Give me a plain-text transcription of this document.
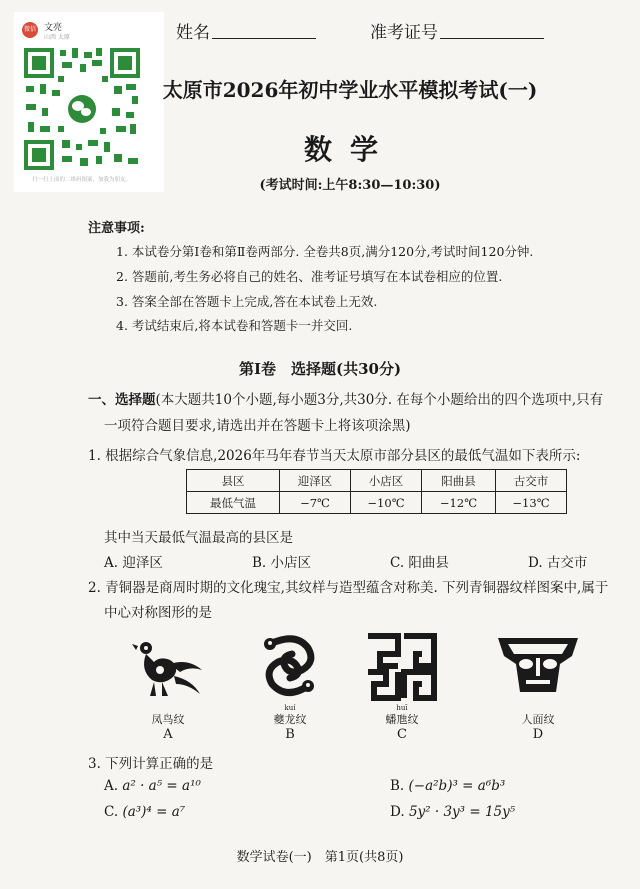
微信 文亮
山西 太原
扫一扫上面的二维码图案，加我为朋友。
姓名	准考证号
太原市2026年初中学业水平模拟考试(一)
数学
(考试时间:上午8:30—10:30)
注意事项:
1. 本试卷分第Ⅰ卷和第Ⅱ卷两部分. 全卷共8页,满分120分,考试时间120分钟.
2. 答题前,考生务必将自己的姓名、准考证号填写在本试卷相应的位置.
3. 答案全部在答题卡上完成,答在本试卷上无效.
4. 考试结束后,将本试卷和答题卡一并交回.
第Ⅰ卷　选择题(共30分)
一、选择题(本大题共10个小题,每小题3分,共30分. 在每个小题给出的四个选项中,只有
一项符合题目要求,请选出并在答题卡上将该项涂黑)
1. 根据综合气象信息,2026年马年春节当天太原市部分县区的最低气温如下表所示:
县区	迎泽区	小店区	阳曲县	古交市
最低气温	−7℃	−10℃	−12℃	−13℃
其中当天最低气温最高的县区是
A. 迎泽区	B. 小店区	C. 阳曲县	D. 古交市
2. 青铜器是商周时期的文化瑰宝,其纹样与造型蕴含对称美. 下列青铜器纹样图案中,属于
中心对称图形的是
凤鸟纹
A
kuí
夔龙纹
B
huī
蟠虺纹
C
人面纹
D
3. 下列计算正确的是
A. a² · a⁵ = a¹⁰	B. (−a²b)³ = a⁶b³
C. (a³)⁴ = a⁷	D. 5y² · 3y³ = 15y⁵
数学试卷(一)　第1页(共8页)
